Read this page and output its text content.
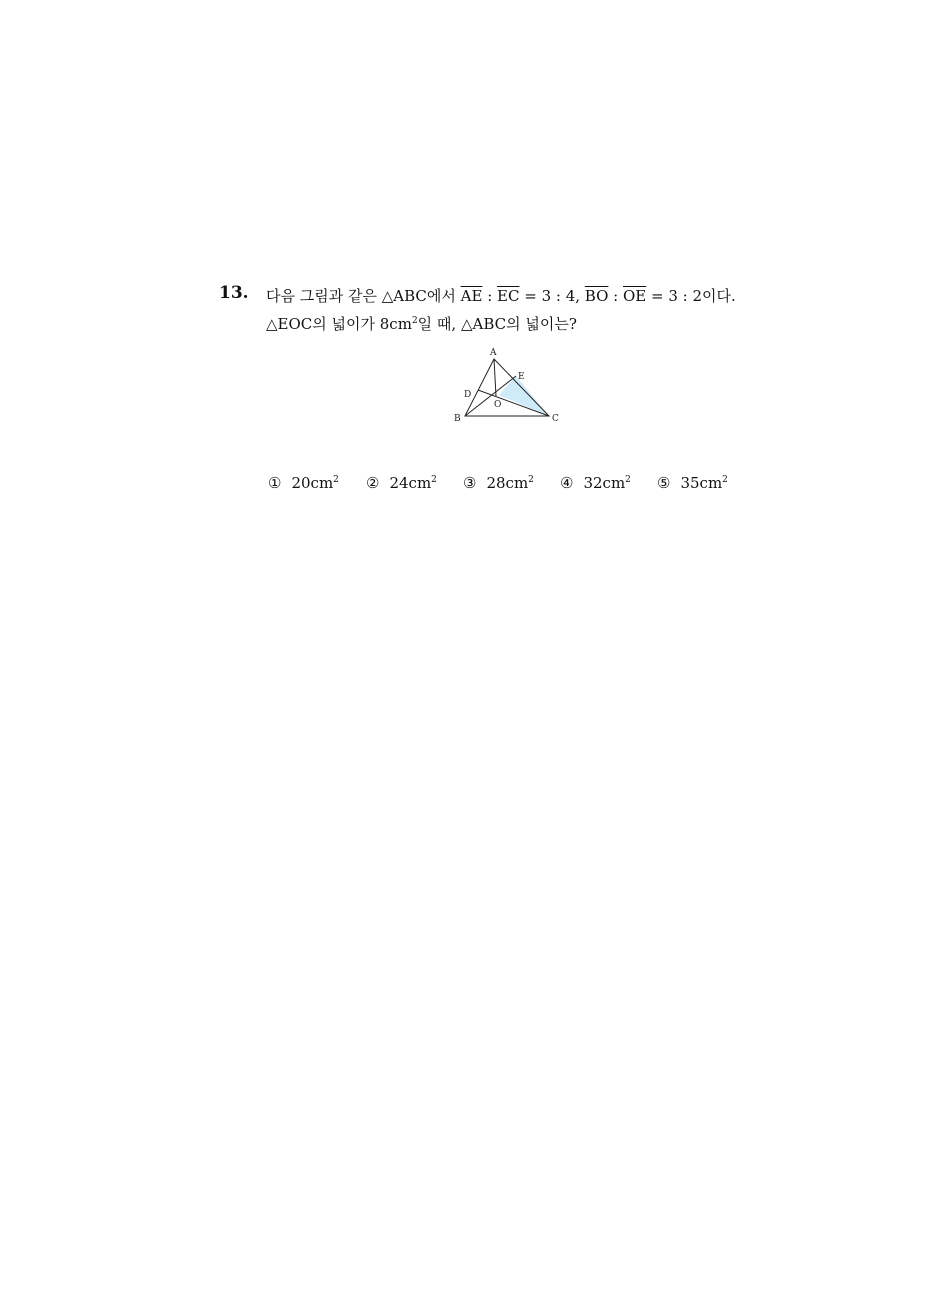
13. 다음 그림과 같은 △ABC에서 $\overline{AE}$ : $\overline{EC} = 3$ : 4, $\overline{BO}$ : $\overline{OE} = 3$ : 2이다.
△EOC의 넓이가 $8cm^2$일 때, △ABC의 넓이는?
A
E
D
O
B	C
① $20cm^2$ ② $24cm^2$ ③ $28cm^2$ ④ $32cm^2$ ⑤ $35cm^2$
